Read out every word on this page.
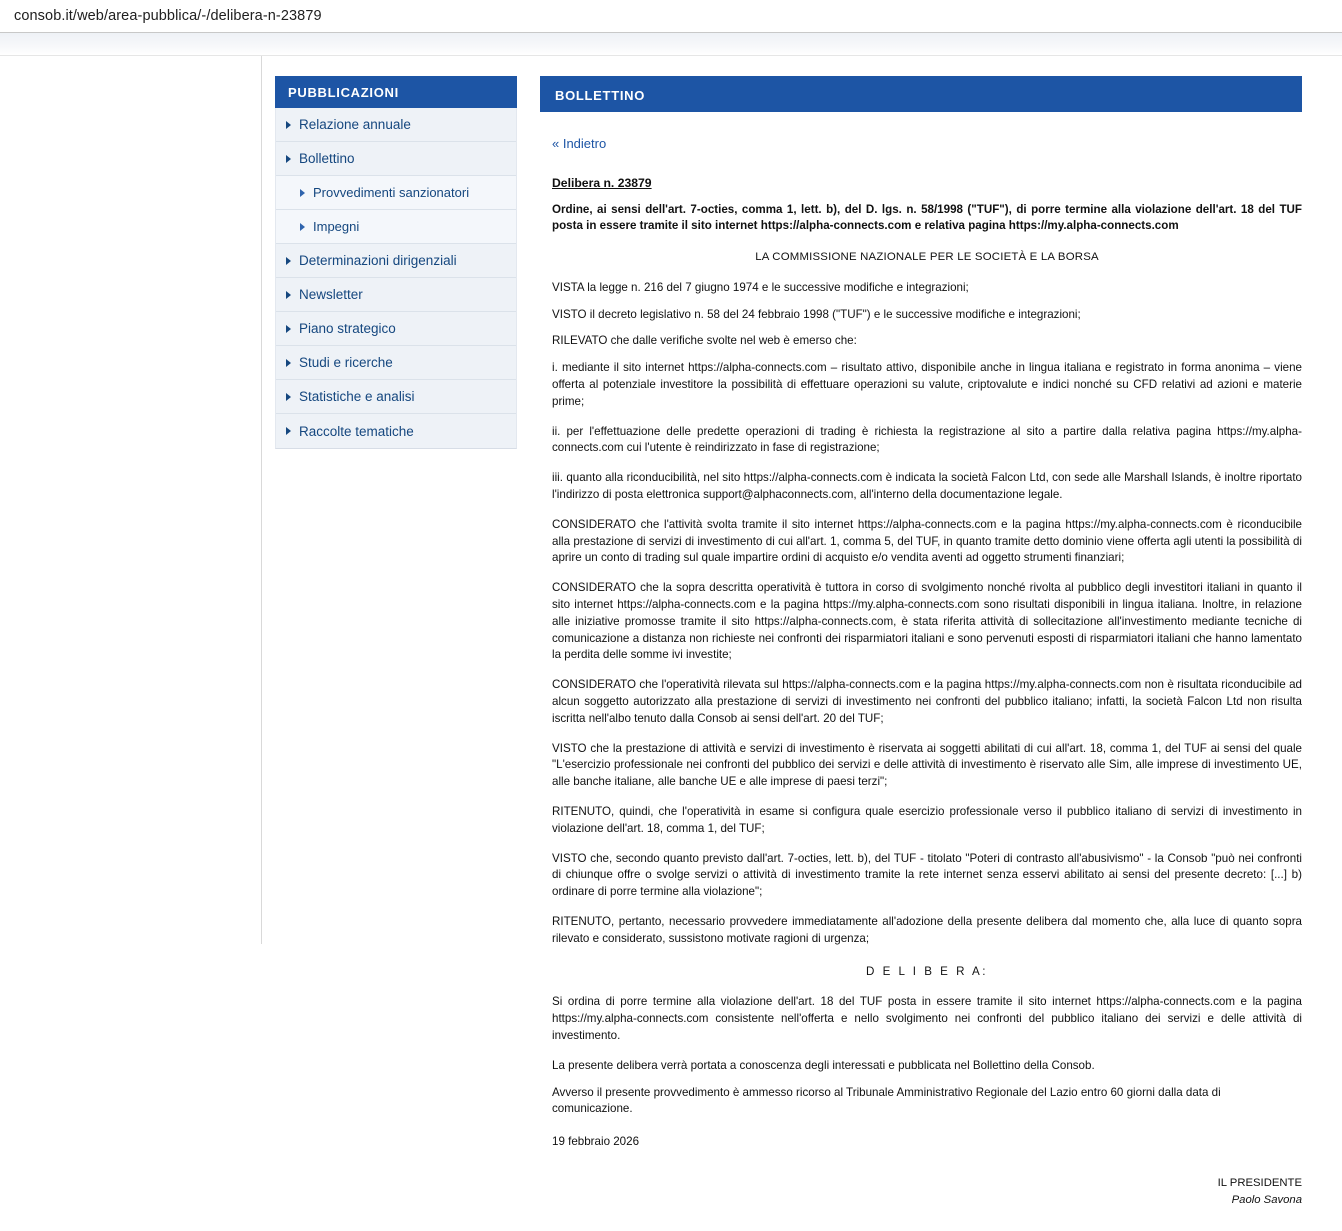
consob.it/web/area-pubblica/-/delibera-n-23879
PUBBLICAZIONI
Relazione annuale
Bollettino
Provvedimenti sanzionatori
Impegni
Determinazioni dirigenziali
Newsletter
Piano strategico
Studi e ricerche
Statistiche e analisi
Raccolte tematiche
BOLLETTINO
« Indietro
Delibera n. 23879
Ordine, ai sensi dell'art. 7-octies, comma 1, lett. b), del D. lgs. n. 58/1998 ("TUF"), di porre termine alla violazione dell'art. 18 del TUF posta in essere tramite il sito internet https://alpha-connects.com e relativa pagina https://my.alpha-connects.com
LA COMMISSIONE NAZIONALE PER LE SOCIETÀ E LA BORSA

VISTA la legge n. 216 del 7 giugno 1974 e le successive modifiche e integrazioni;

VISTO il decreto legislativo n. 58 del 24 febbraio 1998 ("TUF") e le successive modifiche e integrazioni;

RILEVATO che dalle verifiche svolte nel web è emerso che:

i. mediante il sito internet https://alpha-connects.com – risultato attivo, disponibile anche in lingua italiana e registrato in forma anonima – viene offerta al potenziale investitore la possibilità di effettuare operazioni su valute, criptovalute e indici nonché su CFD relativi ad azioni e materie prime;

ii. per l'effettuazione delle predette operazioni di trading è richiesta la registrazione al sito a partire dalla relativa pagina https://my.alpha-connects.com cui l'utente è reindirizzato in fase di registrazione;

iii. quanto alla riconducibilità, nel sito https://alpha-connects.com è indicata la società Falcon Ltd, con sede alle Marshall Islands, è inoltre riportato l'indirizzo di posta elettronica support@alphaconnects.com, all'interno della documentazione legale.

CONSIDERATO che l'attività svolta tramite il sito internet https://alpha-connects.com e la pagina https://my.alpha-connects.com è riconducibile alla prestazione di servizi di investimento di cui all'art. 1, comma 5, del TUF, in quanto tramite detto dominio viene offerta agli utenti la possibilità di aprire un conto di trading sul quale impartire ordini di acquisto e/o vendita aventi ad oggetto strumenti finanziari;

CONSIDERATO che la sopra descritta operatività è tuttora in corso di svolgimento nonché rivolta al pubblico degli investitori italiani in quanto il sito internet https://alpha-connects.com e la pagina https://my.alpha-connects.com sono risultati disponibili in lingua italiana. Inoltre, in relazione alle iniziative promosse tramite il sito https://alpha-connects.com, è stata riferita attività di sollecitazione all'investimento mediante tecniche di comunicazione a distanza non richieste nei confronti dei risparmiatori italiani e sono pervenuti esposti di risparmiatori italiani che hanno lamentato la perdita delle somme ivi investite;

CONSIDERATO che l'operatività rilevata sul https://alpha-connects.com e la pagina https://my.alpha-connects.com non è risultata riconducibile ad alcun soggetto autorizzato alla prestazione di servizi di investimento nei confronti del pubblico italiano; infatti, la società Falcon Ltd non risulta iscritta nell'albo tenuto dalla Consob ai sensi dell'art. 20 del TUF;

VISTO che la prestazione di attività e servizi di investimento è riservata ai soggetti abilitati di cui all'art. 18, comma 1, del TUF ai sensi del quale "L'esercizio professionale nei confronti del pubblico dei servizi e delle attività di investimento è riservato alle Sim, alle imprese di investimento UE, alle banche italiane, alle banche UE e alle imprese di paesi terzi";

RITENUTO, quindi, che l'operatività in esame si configura quale esercizio professionale verso il pubblico italiano di servizi di investimento in violazione dell'art. 18, comma 1, del TUF;

VISTO che, secondo quanto previsto dall'art. 7-octies, lett. b), del TUF - titolato "Poteri di contrasto all'abusivismo" - la Consob "può nei confronti di chiunque offre o svolge servizi o attività di investimento tramite la rete internet senza esservi abilitato ai sensi del presente decreto: [...] b) ordinare di porre termine alla violazione";

RITENUTO, pertanto, necessario provvedere immediatamente all'adozione della presente delibera dal momento che, alla luce di quanto sopra rilevato e considerato, sussistono motivate ragioni di urgenza;

D E L I B E R A:

Si ordina di porre termine alla violazione dell'art. 18 del TUF posta in essere tramite il sito internet https://alpha-connects.com e la pagina https://my.alpha-connects.com consistente nell'offerta e nello svolgimento nei confronti del pubblico italiano dei servizi e delle attività di investimento.

La presente delibera verrà portata a conoscenza degli interessati e pubblicata nel Bollettino della Consob.

Avverso il presente provvedimento è ammesso ricorso al Tribunale Amministrativo Regionale del Lazio entro 60 giorni dalla data di comunicazione.

19 febbraio 2026

IL PRESIDENTE
Paolo Savona
